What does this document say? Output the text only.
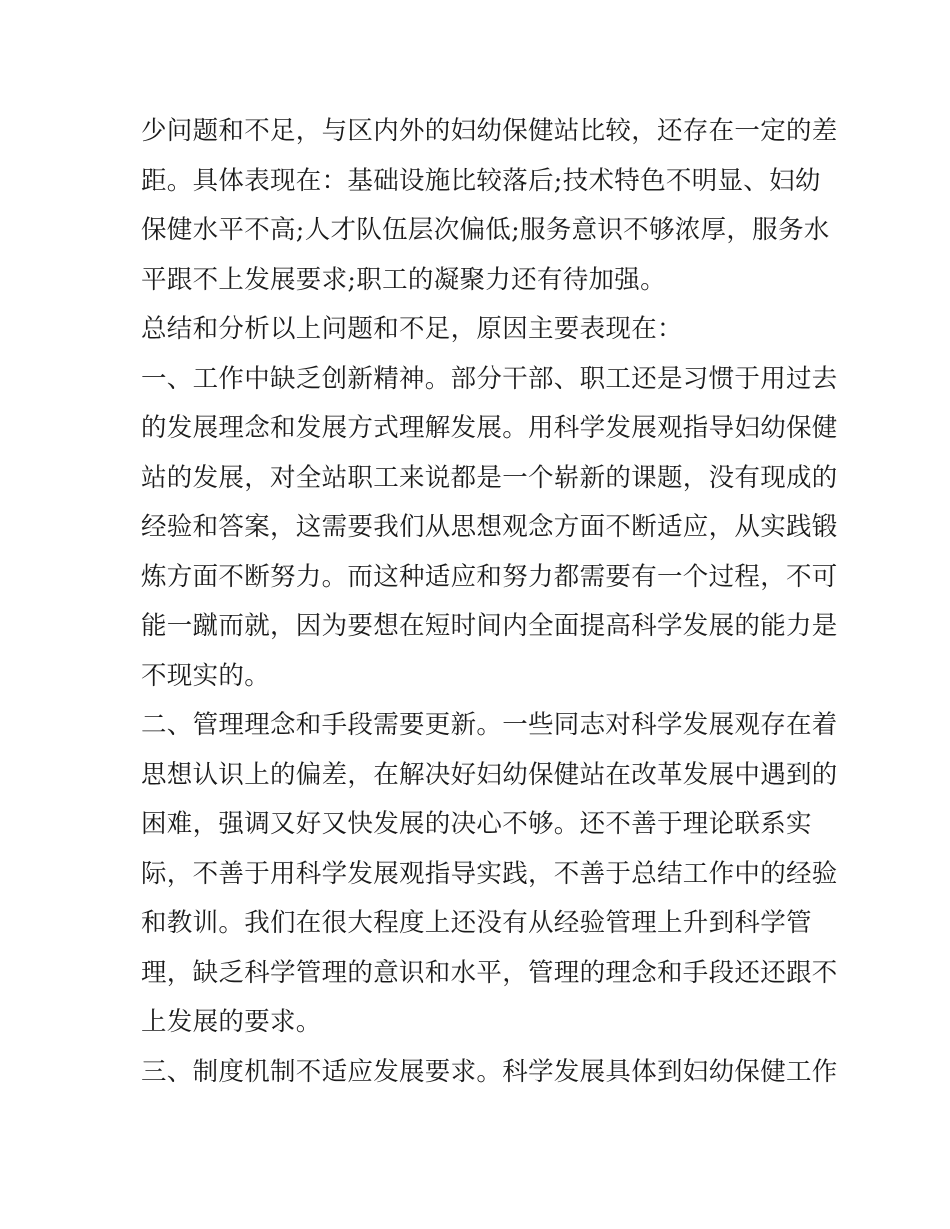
少问题和不足，与区内外的妇幼保健站比较，还存在一定的差
距。具体表现在：基础设施比较落后;技术特色不明显、妇幼
保健水平不高;人才队伍层次偏低;服务意识不够浓厚，服务水
平跟不上发展要求;职工的凝聚力还有待加强。
总结和分析以上问题和不足，原因主要表现在：
一、工作中缺乏创新精神。部分干部、职工还是习惯于用过去
的发展理念和发展方式理解发展。用科学发展观指导妇幼保健
站的发展，对全站职工来说都是一个崭新的课题，没有现成的
经验和答案，这需要我们从思想观念方面不断适应，从实践锻
炼方面不断努力。而这种适应和努力都需要有一个过程，不可
能一蹴而就，因为要想在短时间内全面提高科学发展的能力是
不现实的。
二、管理理念和手段需要更新。一些同志对科学发展观存在着
思想认识上的偏差，在解决好妇幼保健站在改革发展中遇到的
困难，强调又好又快发展的决心不够。还不善于理论联系实
际，不善于用科学发展观指导实践，不善于总结工作中的经验
和教训。我们在很大程度上还没有从经验管理上升到科学管
理，缺乏科学管理的意识和水平，管理的理念和手段还还跟不
上发展的要求。
三、制度机制不适应发展要求。科学发展具体到妇幼保健工作
